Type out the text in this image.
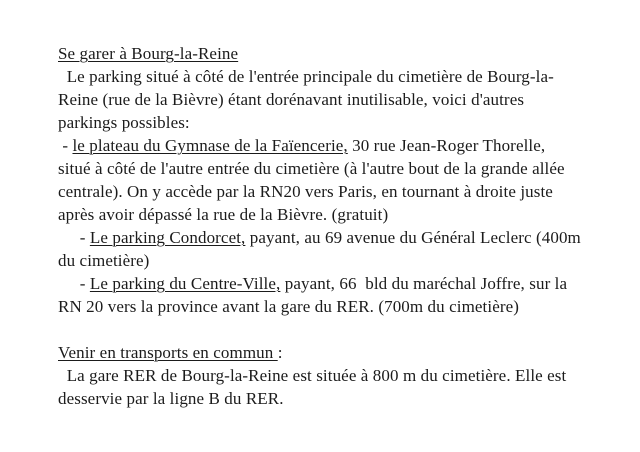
Se garer à Bourg-la-Reine
Le parking situé à côté de l'entrée principale du cimetière de Bourg-la-
Reine (rue de la Bièvre) étant dorénavant inutilisable, voici d'autres
parkings possibles:
- le plateau du Gymnase de la Faïencerie, 30 rue Jean-Roger Thorelle,
situé à côté de l'autre entrée du cimetière (à l'autre bout de la grande allée
centrale). On y accède par la RN20 vers Paris, en tournant à droite juste
après avoir dépassé la rue de la Bièvre. (gratuit)
- Le parking Condorcet, payant, au 69 avenue du Général Leclerc (400m
du cimetière)
- Le parking du Centre-Ville, payant, 66  bld du maréchal Joffre, sur la
RN 20 vers la province avant la gare du RER. (700m du cimetière)

Venir en transports en commun :
La gare RER de Bourg-la-Reine est située à 800 m du cimetière. Elle est
desservie par la ligne B du RER.
